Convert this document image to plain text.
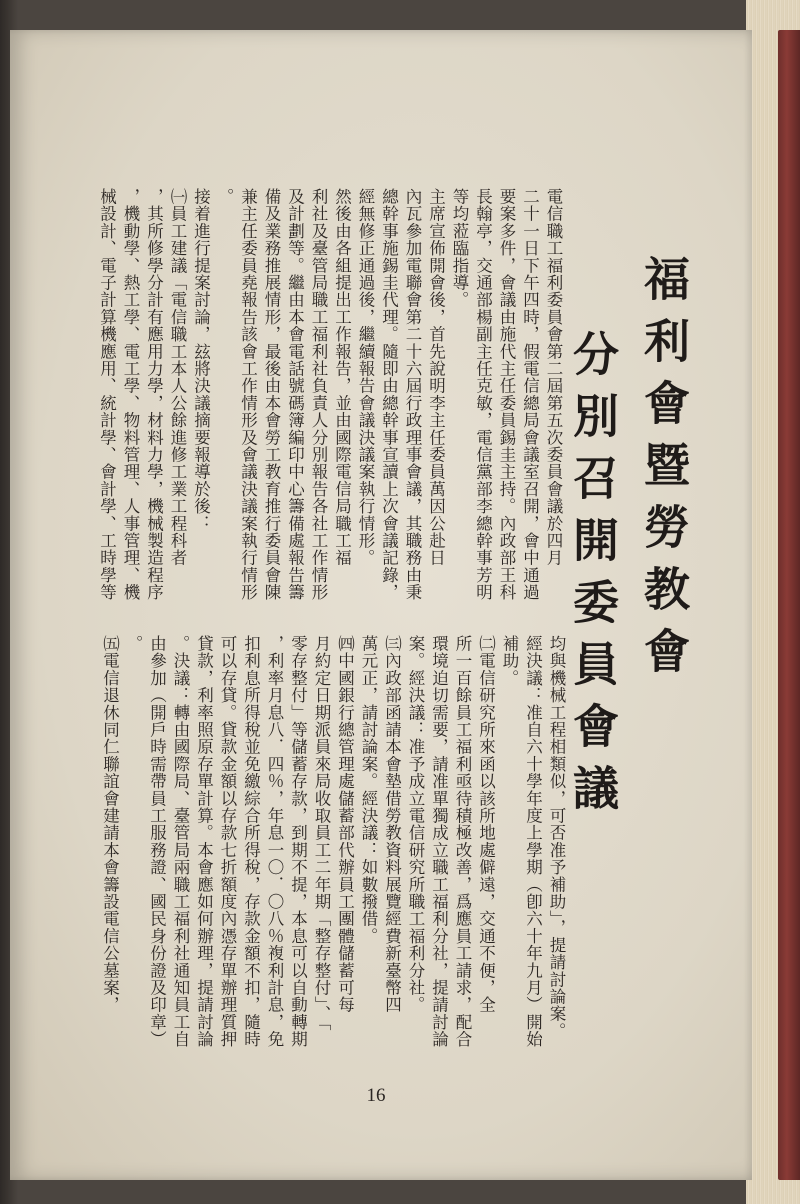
福利會暨勞教會
分別召開委員會議
電信職工福利委員會第二屆第五次委員會議於四月
二十一日下午四時，假電信總局會議室召開，會中通過
要案多件，會議由施代主任委員錫圭主持。內政部王科
長翰亭，交通部楊副主任克敏，電信黨部李總幹事芳明
等均蒞臨指導。
主席宣佈開會後，首先說明李主任委員萬因公赴日
內瓦參加電聯會第二十六屆行政理事會議，其職務由秉
總幹事施錫圭代理。隨即由總幹事宣讀上次會議記錄，
經無修正通過後，繼續報告會議決議案執行情形。
然後由各組提出工作報告，並由國際電信局職工福
利社及臺管局職工福利社負責人分別報告各社工作情形
及計劃等。繼由本會電話號碼簿編印中心籌備處報告籌
備及業務推展情形，最後由本會勞工教育推行委員會陳
兼主任委員堯報告該會工作情形及會議決議案執行情形
。
接着進行提案討論，玆將決議摘要報導於後：
㈠員工建議「電信職工本人公餘進修工業工程科者
，其所修學分計有應用力學，材料力學，機械製造程序
，機動學、熱工學、電工學、物料管理、人事管理、機
械設計、電子計算機應用、統計學、會計學、工時學等
均與機械工程相類似，可否准予補助」，提請討論案。
經決議：准自六十學年度上學期（卽六十年九月）開始
補助。
㈡電信研究所來函以該所地處僻遠，交通不便，全
所一百餘員工福利亟待積極改善，爲應員工請求，配合
環境迫切需要，請准單獨成立職工福利分社，提請討論
案。經決議：准予成立電信研究所職工福利分社。
㈢內政部函請本會墊借勞教資料展覽經費新臺幣四
萬元正，請討論案。經決議：如數撥借。
㈣中國銀行總管理處儲蓄部代辦員工團體儲蓄可每
月約定日期派員來局收取員工二年期「整存整付」、「
零存整付」等儲蓄存款，到期不提，本息可以自動轉期
，利率月息八．四％，年息一〇．〇八％複利計息，免
扣利息所得稅並免繳綜合所得稅，存款金額不扣，隨時
可以存貸。貸款金額以存款七折額度內憑存單辦理質押
貸款，利率照原存單計算。本會應如何辦理，提請討論
。決議：轉由國際局、臺管局兩職工福利社通知員工自
由參加（開戶時需帶員工服務證、國民身份證及印章）
。
㈤電信退休同仁聯誼會建請本會籌設電信公墓案，
16
